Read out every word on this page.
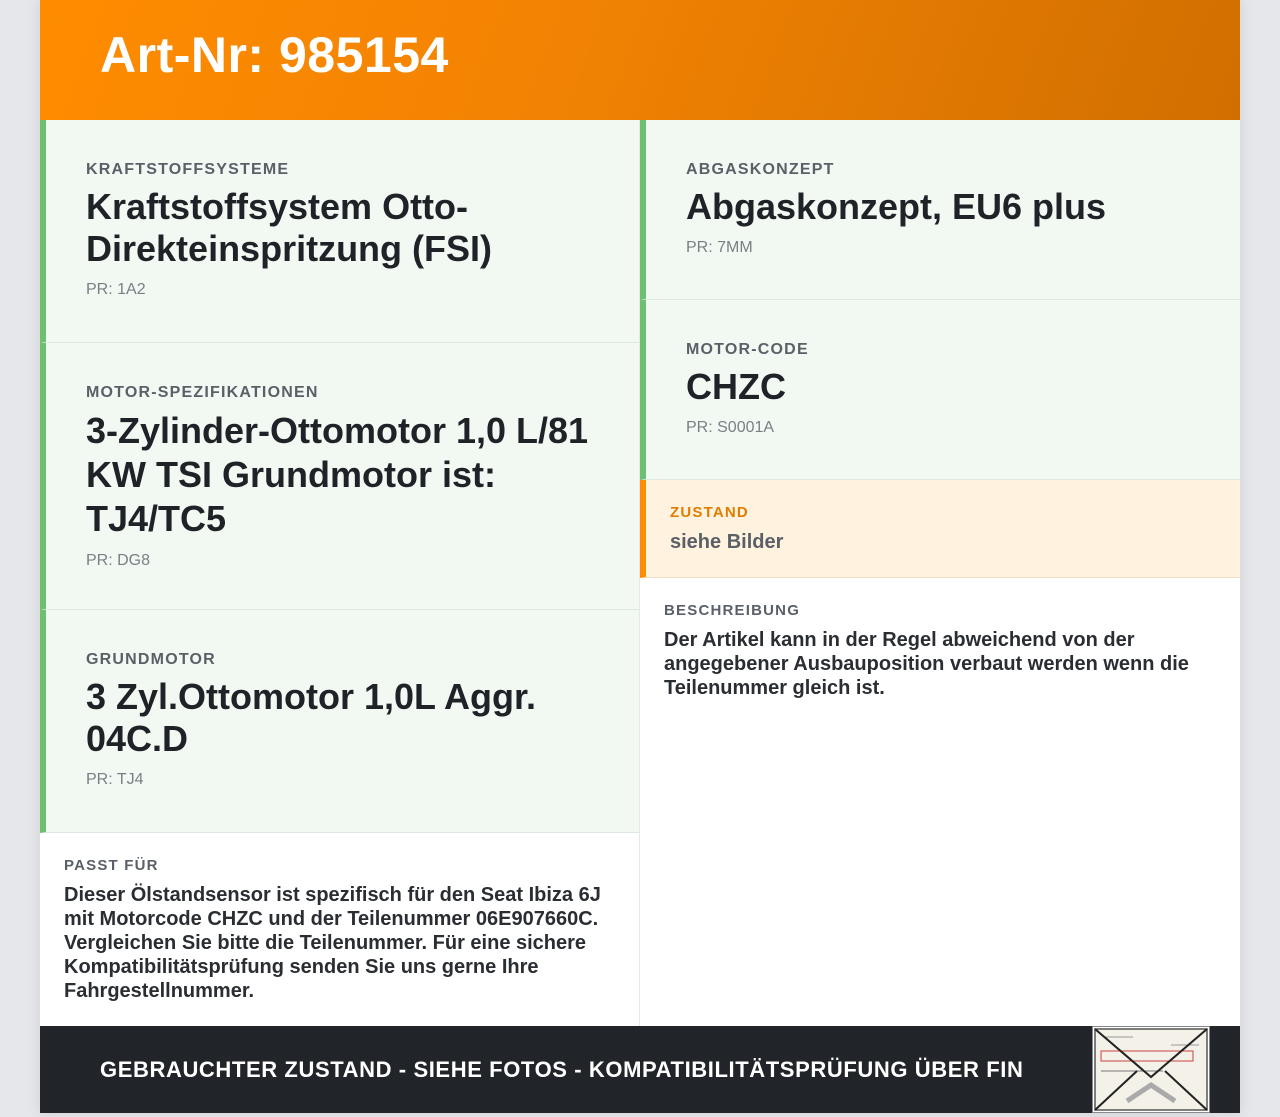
Art-Nr: 985154
KRAFTSTOFFSYSTEME
Kraftstoffsystem Otto-Direkteinspritzung (FSI)
PR: 1A2
MOTOR-SPEZIFIKATIONEN
3-Zylinder-Ottomotor 1,0 L/81 KW TSI Grundmotor ist: TJ4/TC5
PR: DG8
GRUNDMOTOR
3 Zyl.Ottomotor 1,0L Aggr. 04C.D
PR: TJ4
PASST FÜR
Dieser Ölstandsensor ist spezifisch für den Seat Ibiza 6J mit Motorcode CHZC und der Teilenummer 06E907660C. Vergleichen Sie bitte die Teilenummer. Für eine sichere Kompatibilitätsprüfung senden Sie uns gerne Ihre Fahrgestellnummer.
ABGASKONZEPT
Abgaskonzept, EU6 plus
PR: 7MM
MOTOR-CODE
CHZC
PR: S0001A
ZUSTAND
siehe Bilder
BESCHREIBUNG
Der Artikel kann in der Regel abweichend von der angegebener Ausbauposition verbaut werden wenn die Teilenummer gleich ist.
GEBRAUCHTER ZUSTAND - SIEHE FOTOS - KOMPATIBILITÄTSPRÜFUNG ÜBER FIN
